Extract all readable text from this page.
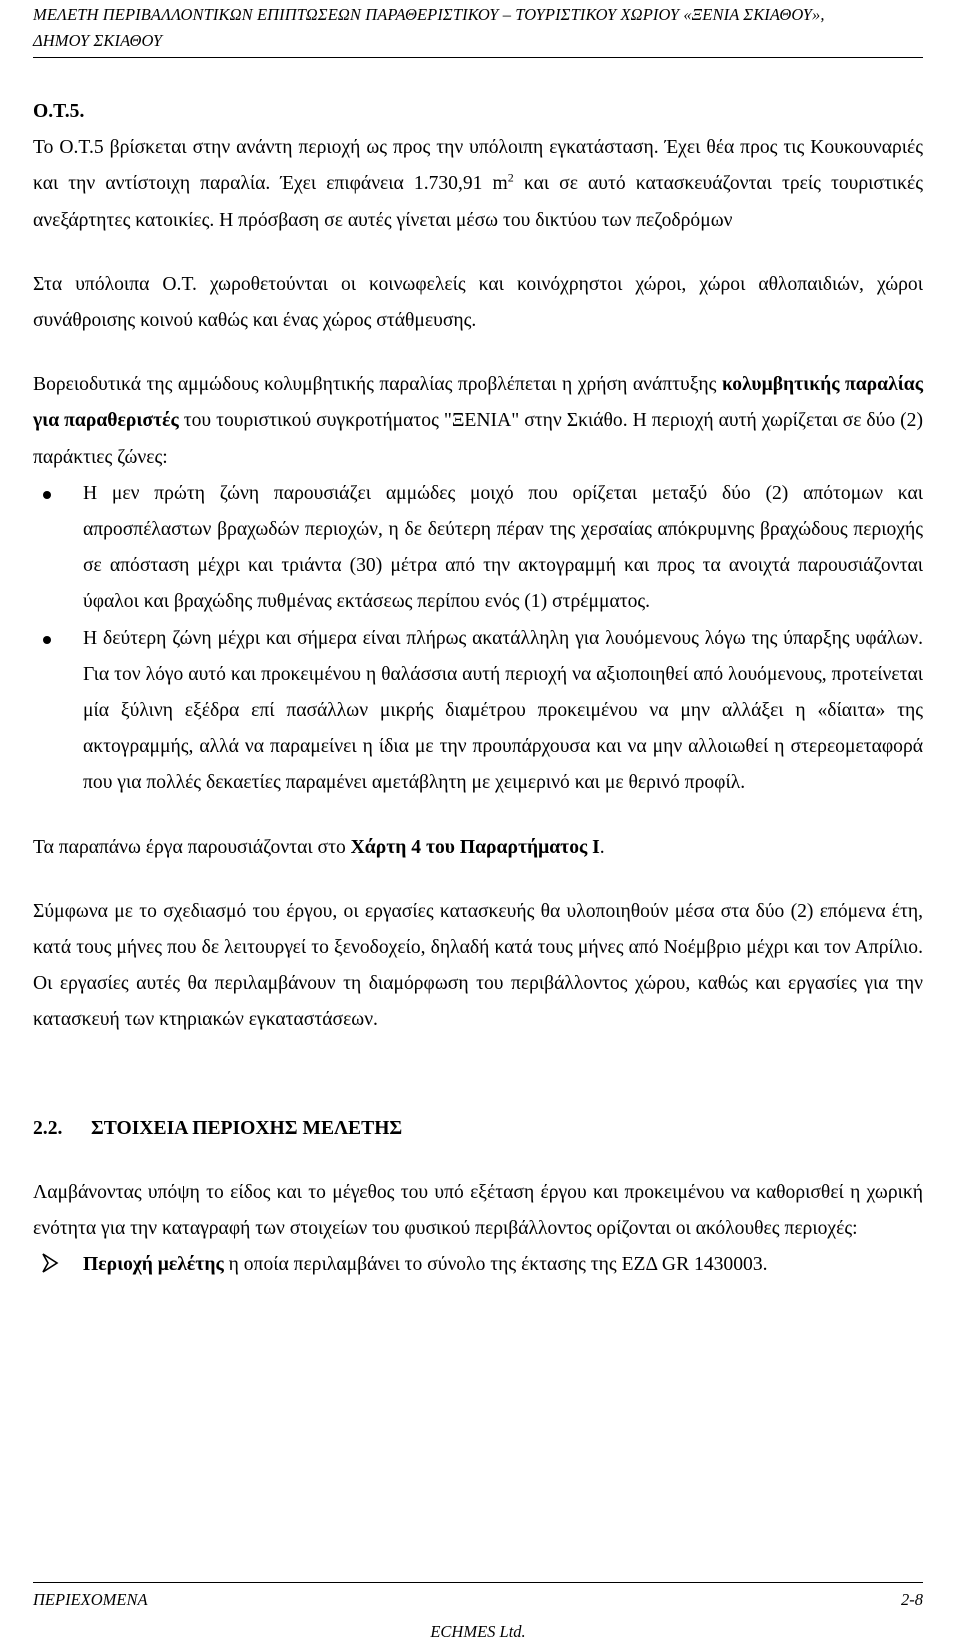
ΜΕΛΕΤΗ ΠΕΡΙΒΑΛΛΟΝΤΙΚΩΝ ΕΠΙΠΤΩΣΕΩΝ ΠΑΡΑΘΕΡΙΣΤΙΚΟΥ – ΤΟΥΡΙΣΤΙΚΟΥ ΧΩΡΙΟΥ «ΞΕΝΙΑ ΣΚΙΑΘΟΥ»,
ΔΗΜΟΥ ΣΚΙΑΘΟΥ
Ο.Τ.5.

Το Ο.Τ.5 βρίσκεται στην ανάντη περιοχή ως προς την υπόλοιπη εγκατάσταση. Έχει θέα προς τις Κουκουναριές και την αντίστοιχη παραλία. Έχει επιφάνεια 1.730,91 $m^2$ και σε αυτό κατασκευάζονται τρείς τουριστικές ανεξάρτητες κατοικίες. Η πρόσβαση σε αυτές γίνεται μέσω του δικτύου των πεζοδρόμων

Στα υπόλοιπα Ο.Τ. χωροθετούνται οι κοινωφελείς και κοινόχρηστοι χώροι, χώροι αθλοπαιδιών, χώροι συνάθροισης κοινού καθώς και ένας χώρος στάθμευσης.

Βορειοδυτικά της αμμώδους κολυμβητικής παραλίας προβλέπεται η χρήση ανάπτυξης κολυμβητικής παραλίας για παραθεριστές του τουριστικού συγκροτήματος "ΞΕΝΙΑ" στην Σκιάθο. Η περιοχή αυτή χωρίζεται σε δύο (2) παράκτιες ζώνες:

Η μεν πρώτη ζώνη παρουσιάζει αμμώδες μοιχό που ορίζεται μεταξύ δύο (2) απότομων και απροσπέλαστων βραχωδών περιοχών, η δε δεύτερη πέραν της χερσαίας απόκρυμνης βραχώδους περιοχής σε απόσταση μέχρι και τριάντα (30) μέτρα από την ακτογραμμή και προς τα ανοιχτά παρουσιάζονται ύφαλοι και βραχώδης πυθμένας εκτάσεως περίπου ενός (1) στρέμματος.
Η δεύτερη ζώνη μέχρι και σήμερα είναι πλήρως ακατάλληλη για λουόμενους λόγω της ύπαρξης υφάλων. Για τον λόγο αυτό και προκειμένου η θαλάσσια αυτή περιοχή να αξιοποιηθεί από λουόμενους, προτείνεται μία ξύλινη εξέδρα επί πασάλλων μικρής διαμέτρου προκειμένου να μην αλλάξει η «δίαιτα» της ακτογραμμής, αλλά να παραμείνει η ίδια με την προυπάρχουσα και να μην αλλοιωθεί η στερεομεταφορά που για πολλές δεκαετίες παραμένει αμετάβλητη με χειμερινό και με θερινό προφίλ.

Τα παραπάνω έργα παρουσιάζονται στο Χάρτη 4 του Παραρτήματος Ι.

Σύμφωνα με το σχεδιασμό του έργου, οι εργασίες κατασκευής θα υλοποιηθούν μέσα στα δύο (2) επόμενα έτη, κατά τους μήνες που δε λειτουργεί το ξενοδοχείο, δηλαδή κατά τους μήνες από Νοέμβριο μέχρι και τον Απρίλιο. Οι εργασίες αυτές θα περιλαμβάνουν τη διαμόρφωση του περιβάλλοντος χώρου, καθώς και εργασίες για την κατασκευή των κτηριακών εγκαταστάσεων.

2.2. ΣΤΟΙΧΕΙΑ ΠΕΡΙΟΧΗΣ ΜΕΛΕΤΗΣ

Λαμβάνοντας υπόψη το είδος και το μέγεθος του υπό εξέταση έργου και προκειμένου να καθορισθεί η χωρική ενότητα για την καταγραφή των στοιχείων του φυσικού περιβάλλοντος ορίζονται οι ακόλουθες περιοχές:

Περιοχή μελέτης η οποία περιλαμβάνει το σύνολο της έκτασης της ΕΖΔ GR 1430003.
ΠΕΡΙΕΧΟΜΕΝΑ	2-8
ECHMES Ltd.
